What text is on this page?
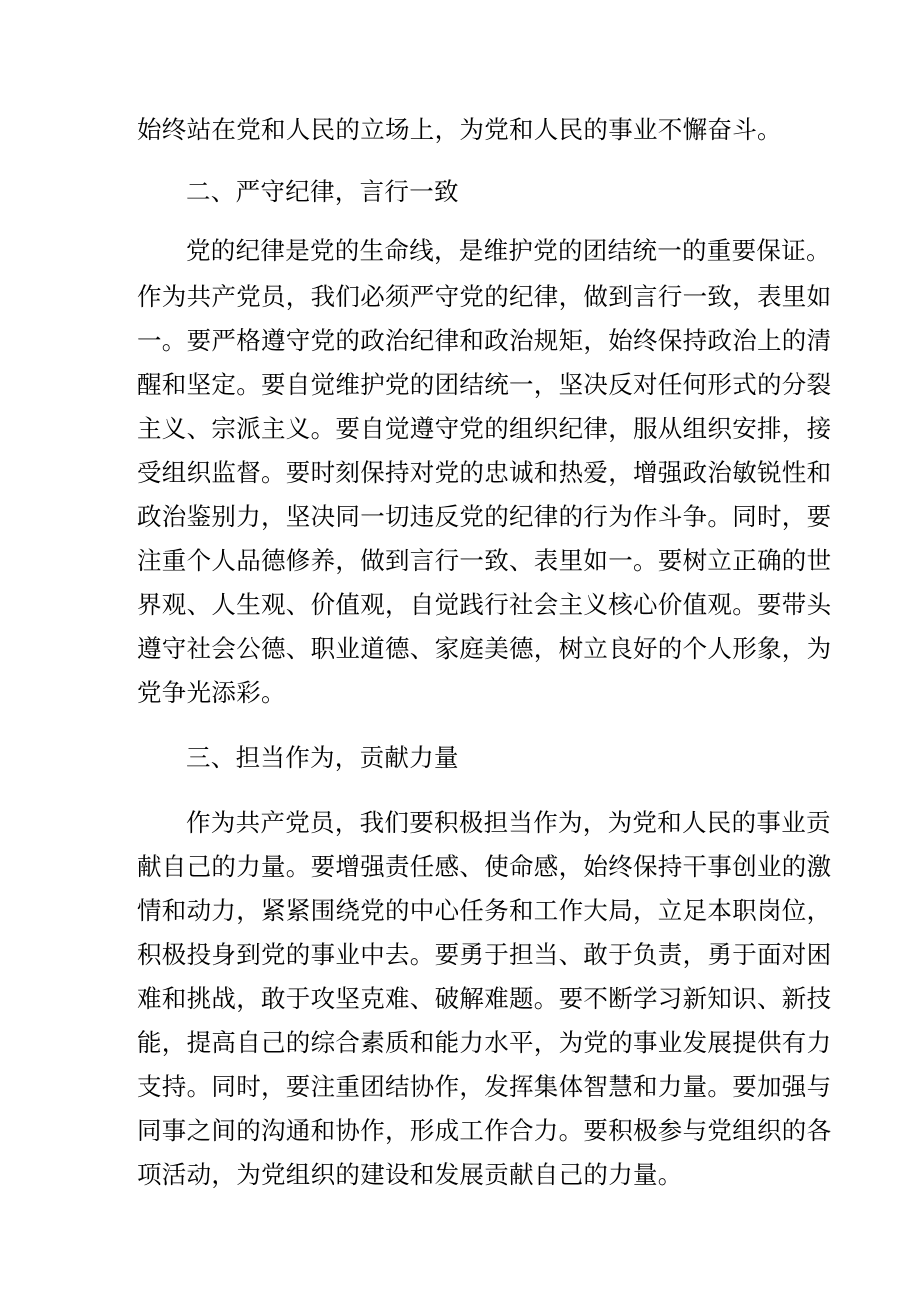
始终站在党和人民的立场上，为党和人民的事业不懈奋斗。
二、严守纪律，言行一致
党的纪律是党的生命线，是维护党的团结统一的重要保证。
作为共产党员，我们必须严守党的纪律，做到言行一致，表里如
一。要严格遵守党的政治纪律和政治规矩，始终保持政治上的清
醒和坚定。要自觉维护党的团结统一，坚决反对任何形式的分裂
主义、宗派主义。要自觉遵守党的组织纪律，服从组织安排，接
受组织监督。要时刻保持对党的忠诚和热爱，增强政治敏锐性和
政治鉴别力，坚决同一切违反党的纪律的行为作斗争。同时，要
注重个人品德修养，做到言行一致、表里如一。要树立正确的世
界观、人生观、价值观，自觉践行社会主义核心价值观。要带头
遵守社会公德、职业道德、家庭美德，树立良好的个人形象，为
党争光添彩。
三、担当作为，贡献力量
作为共产党员，我们要积极担当作为，为党和人民的事业贡
献自己的力量。要增强责任感、使命感，始终保持干事创业的激
情和动力，紧紧围绕党的中心任务和工作大局，立足本职岗位，
积极投身到党的事业中去。要勇于担当、敢于负责，勇于面对困
难和挑战，敢于攻坚克难、破解难题。要不断学习新知识、新技
能，提高自己的综合素质和能力水平，为党的事业发展提供有力
支持。同时，要注重团结协作，发挥集体智慧和力量。要加强与
同事之间的沟通和协作，形成工作合力。要积极参与党组织的各
项活动，为党组织的建设和发展贡献自己的力量。
